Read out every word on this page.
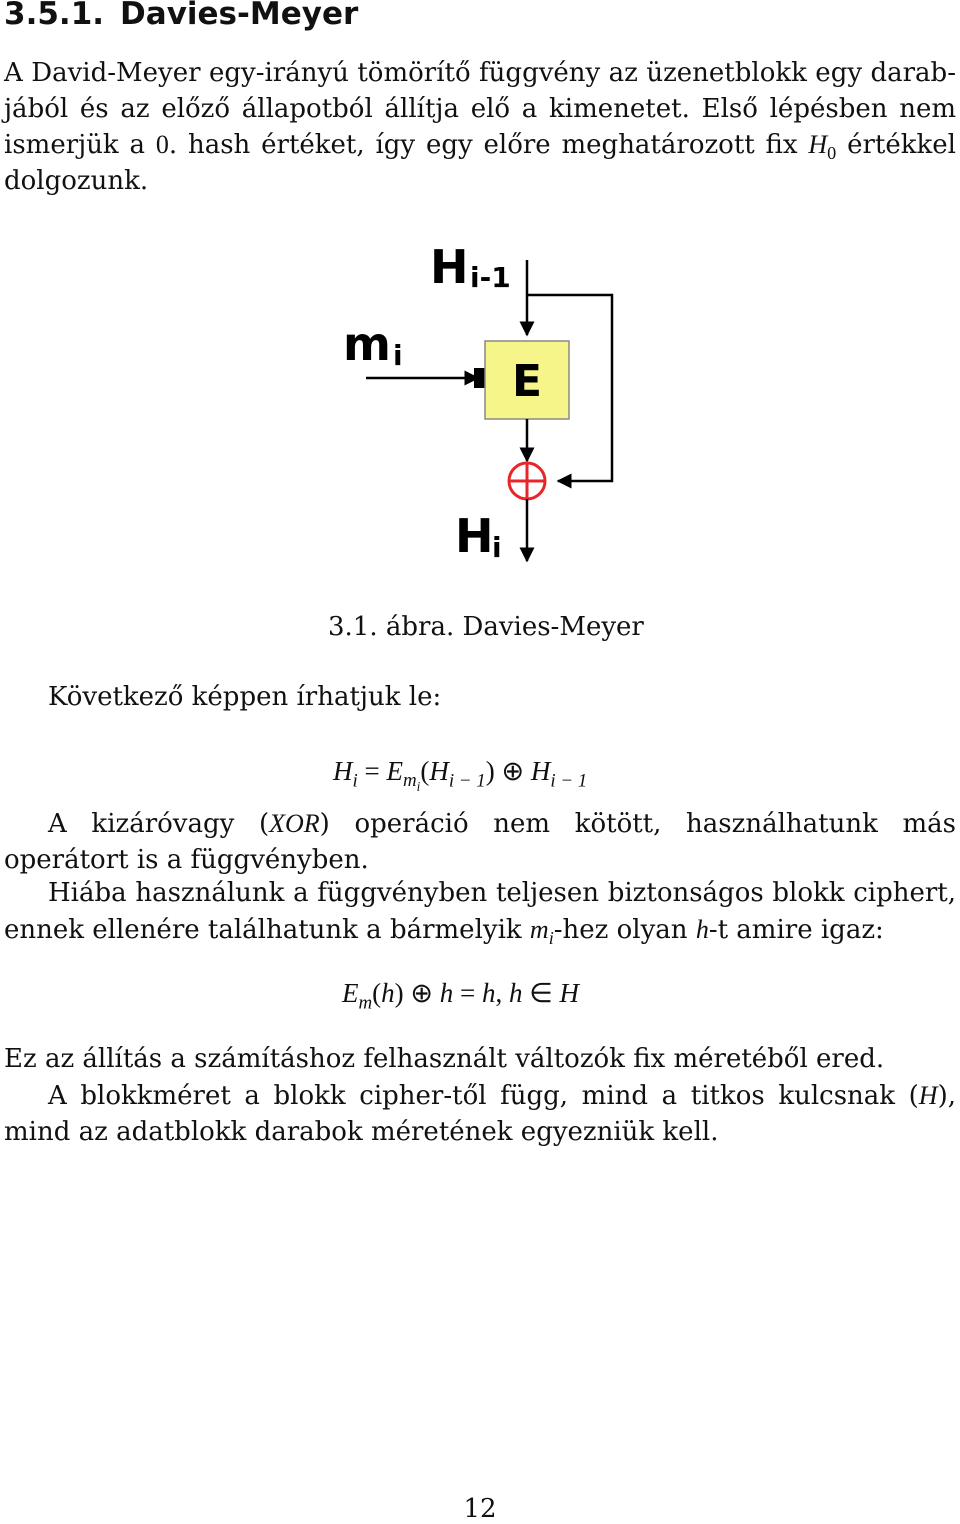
3.5.1. Davies-Meyer
A David-Meyer egy-irányú tömörítő függvény az üzenetblokk egy darab-jából és az előző állapotból állítja elő a kimenetet. Első lépésben nem ismerjük a 0. hash értéket, így egy előre meghatározott fix $H_0$ értékkel dolgozunk.
H i-1
m i
E
H
i
3.1. ábra. Davies-Meyer
Következő képpen írhatjuk le:
$H_i = E_{m_i}(H_{i - 1})$ ⊕ $H_{i - 1}$
A kizáróvagy (XOR) operáció nem kötött, használhatunk más operátort is a függvényben.
Hiába használunk a függvényben teljesen biztonságos blokk ciphert, ennek ellenére találhatunk a bármelyik $m_i$-hez olyan h-t amire igaz:
$E_m(h)$ ⊕ h = h, h ∈ H
Ez az állítás a számításhoz felhasznált változók fix méretéből ered.
A blokkméret a blokk cipher-től függ, mind a titkos kulcsnak (H), mind az adatblokk darabok méretének egyezniük kell.
12
